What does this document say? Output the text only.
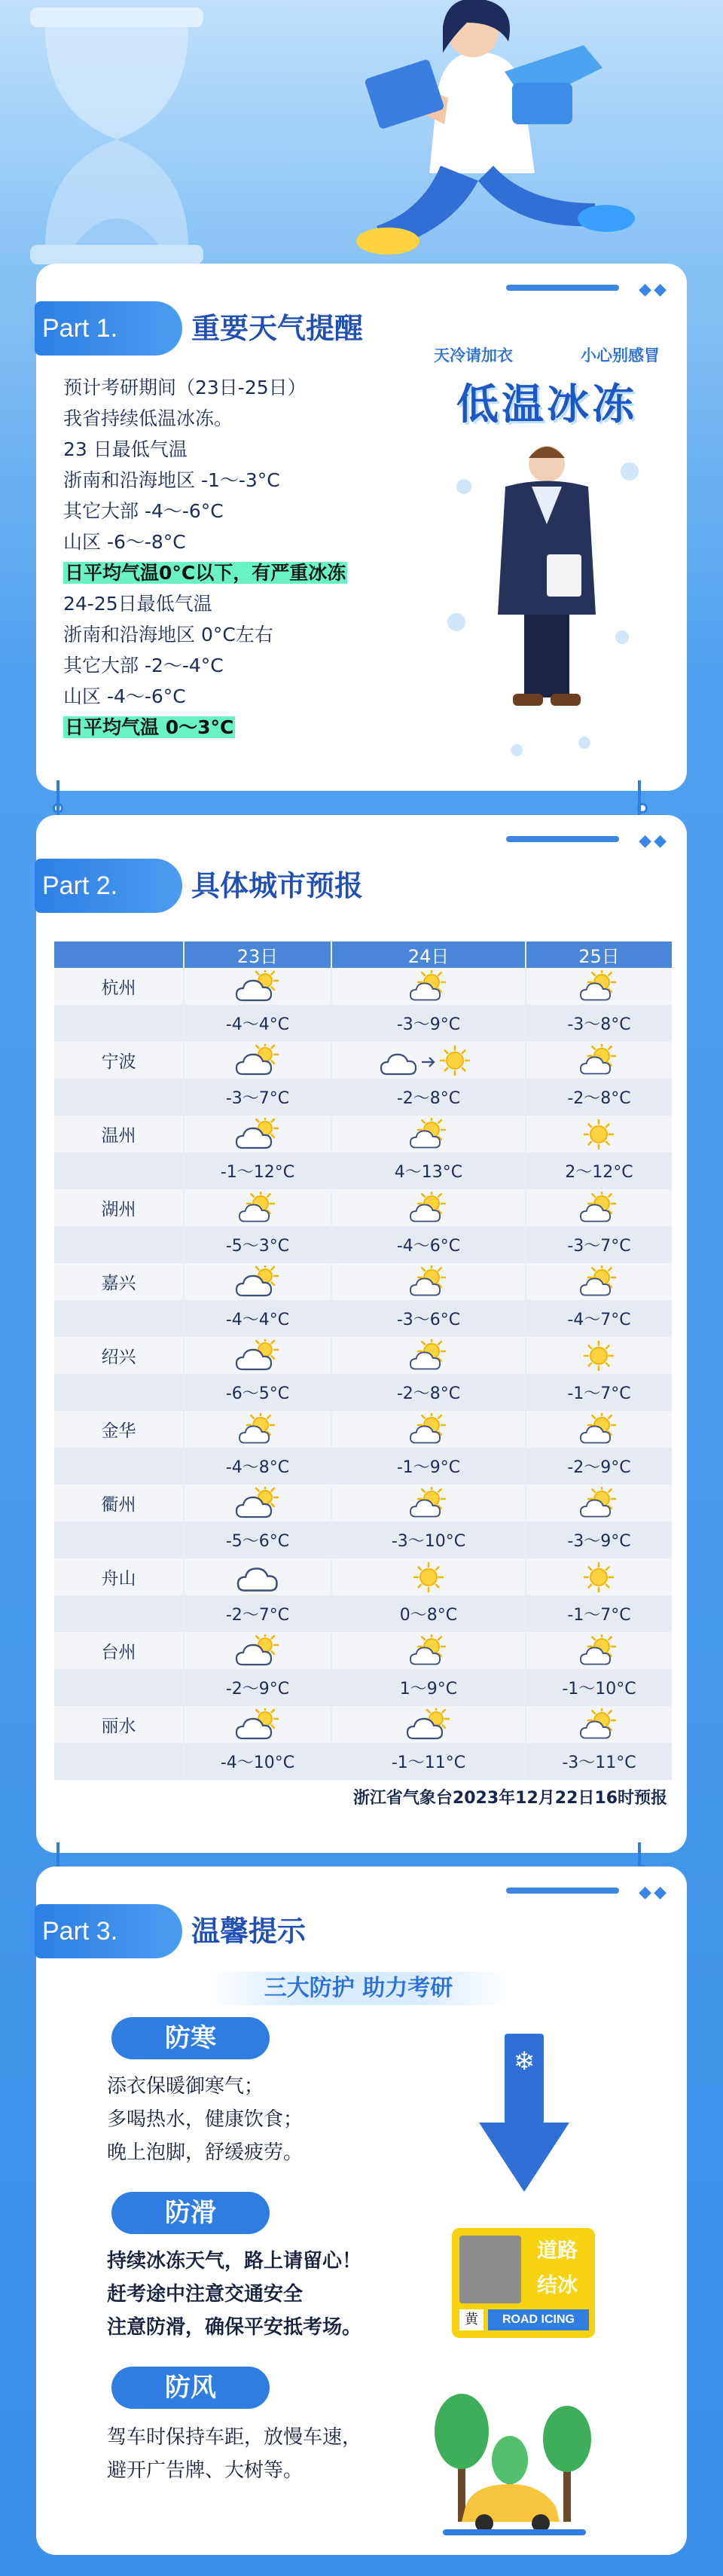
◆◆
Part 1.	重要天气提醒
预计考研期间（23日-25日）
我省持续低温冰冻。
23 日最低气温
浙南和沿海地区 -1～-3°C
其它大部 -4～-6°C
山区 -6～-8°C
日平均气温0°C以下，有严重冰冻
24-25日最低气温
浙南和沿海地区 0°C左右
其它大部 -2～-4°C
山区 -4～-6°C
日平均气温 0～3°C
天冷请加衣	小心别感冒
低温冰冻
◆◆
Part 2.	具体城市预报
	23日	24日	25日
杭州			
	-4～4°C	-3～9°C	-3～8°C
宁波			
	-3～7°C	-2～8°C	-2～8°C
温州			
	-1～12°C	4～13°C	2～12°C
湖州			
	-5～3°C	-4～6°C	-3～7°C
嘉兴			
	-4～4°C	-3～6°C	-4～7°C
绍兴			
	-6～5°C	-2～8°C	-1～7°C
金华			
	-4～8°C	-1～9°C	-2～9°C
衢州			
	-5～6°C	-3～10°C	-3～9°C
舟山			
	-2～7°C	0～8°C	-1～7°C
台州			
	-2～9°C	1～9°C	-1～10°C
丽水			
	-4～10°C	-1～11°C	-3～11°C
浙江省气象台2023年12月22日16时预报
◆◆
Part 3.	温馨提示
三大防护 助力考研
防寒
添衣保暖御寒气；
多喝热水，健康饮食；
晚上泡脚，舒缓疲劳。
❄
防滑
持续冰冻天气，路上请留心！
赶考途中注意交通安全
注意防滑，确保平安抵考场。
道路结冰
黄	ROAD ICING
防风
驾车时保持车距，放慢车速，
避开广告牌、大树等。
